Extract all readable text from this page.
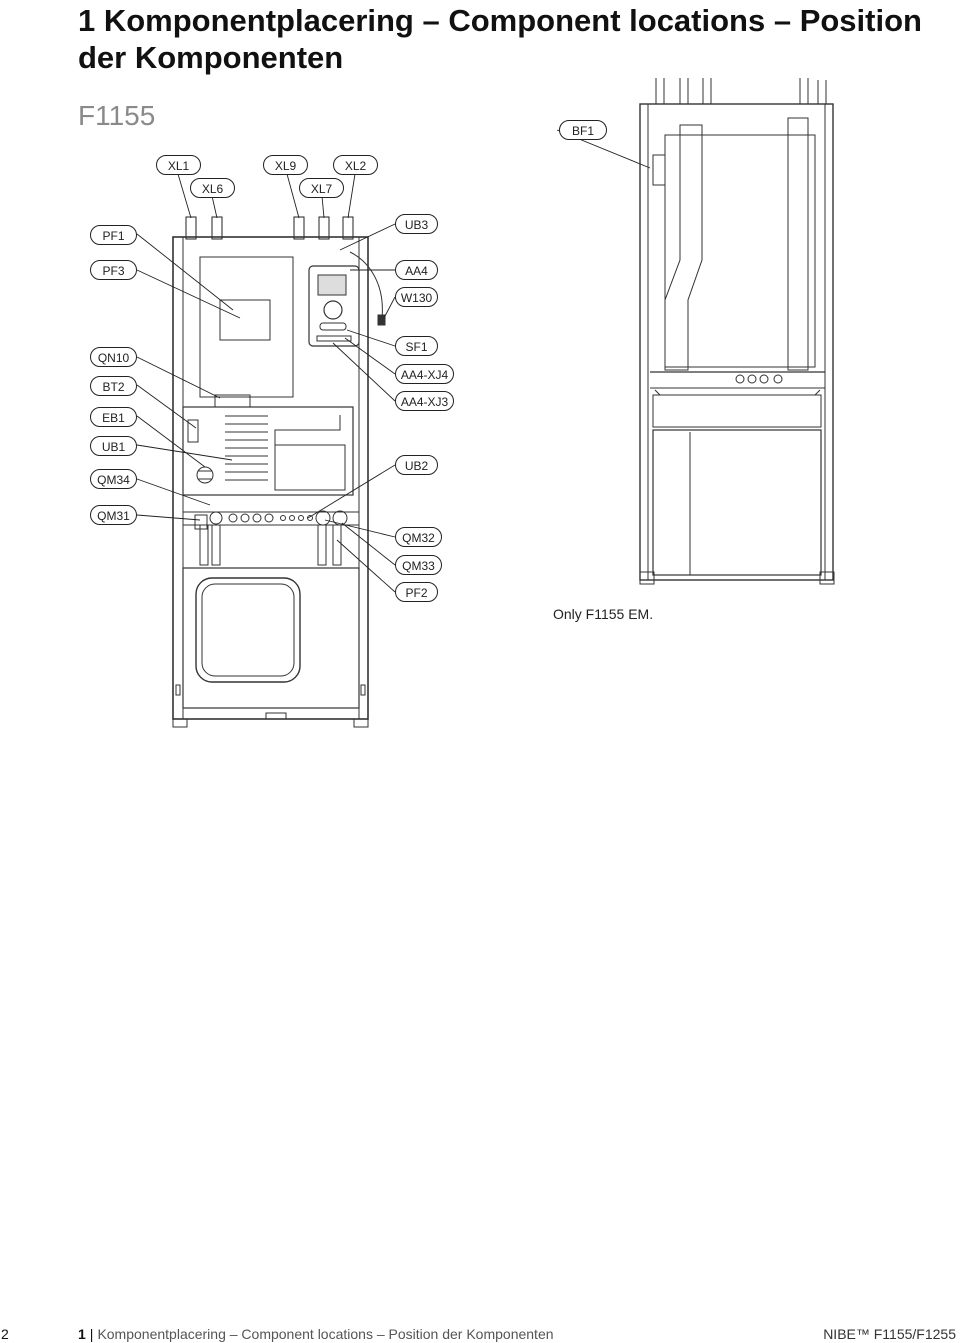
1 Komponentplacering – Component locations – Position
der Komponenten
F1155
XL1
XL6
XL9
XL7
XL2
PF1
PF3
QN10
BT2
EB1
UB1
QM34
QM31
UB3
AA4
W130
SF1
AA4-XJ4
AA4-XJ3
UB2
QM32
QM33
PF2
BF1
Only F1155 EM.
2	1 | Komponentplacering – Component locations – Position der Komponenten	NIBE™ F1155/F1255
